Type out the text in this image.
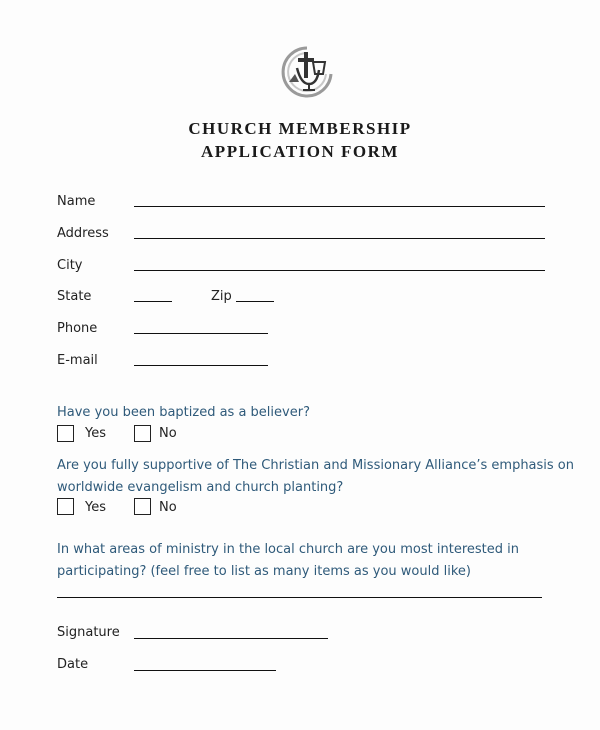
CHURCH MEMBERSHIP
APPLICATION FORM
Name
Address
City
State	Zip
Phone
E-mail
Have you been baptized as a believer?
Yes	No
Are you fully supportive of The Christian and Missionary Alliance’s emphasis on
worldwide evangelism and church planting?
Yes	No
In what areas of ministry in the local church are you most interested in
participating? (feel free to list as many items as you would like)
Signature
Date
